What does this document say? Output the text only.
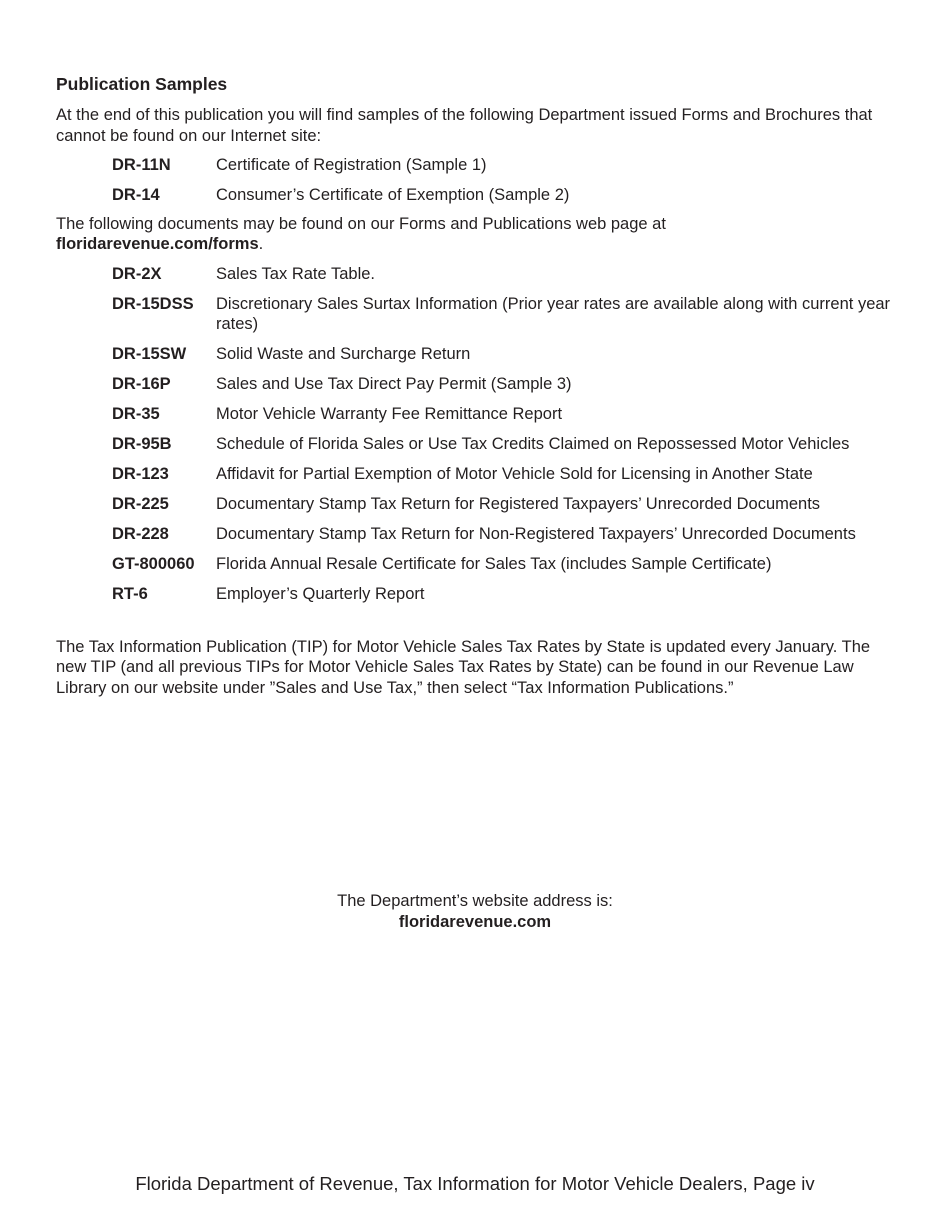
Publication Samples

At the end of this publication you will find samples of the following Department issued Forms and Brochures that cannot be found on our Internet site:

DR-11N	Certificate of Registration (Sample 1)
DR-14	Consumer’s Certificate of Exemption (Sample 2)

The following documents may be found on our Forms and Publications web page at
floridarevenue.com/forms.

DR-2X	Sales Tax Rate Table.
DR-15DSS	Discretionary Sales Surtax Information (Prior year rates are available along with current year rates)
DR-15SW	Solid Waste and Surcharge Return
DR-16P	Sales and Use Tax Direct Pay Permit (Sample 3)
DR-35	Motor Vehicle Warranty Fee Remittance Report
DR-95B	Schedule of Florida Sales or Use Tax Credits Claimed on Repossessed Motor Vehicles
DR-123	Affidavit for Partial Exemption of Motor Vehicle Sold for Licensing in Another State
DR-225	Documentary Stamp Tax Return for Registered Taxpayers’ Unrecorded Documents
DR-228	Documentary Stamp Tax Return for Non-Registered Taxpayers’ Unrecorded Documents
GT-800060	Florida Annual Resale Certificate for Sales Tax (includes Sample Certificate)
RT-6	Employer’s Quarterly Report

The Tax Information Publication (TIP) for Motor Vehicle Sales Tax Rates by State is updated every January. The new TIP (and all previous TIPs for Motor Vehicle Sales Tax Rates by State) can be found in our Revenue Law Library on our website under ”Sales and Use Tax,” then select “Tax Information Publications.”

The Department’s website address is:
floridarevenue.com
Florida Department of Revenue, Tax Information for Motor Vehicle Dealers, Page iv
